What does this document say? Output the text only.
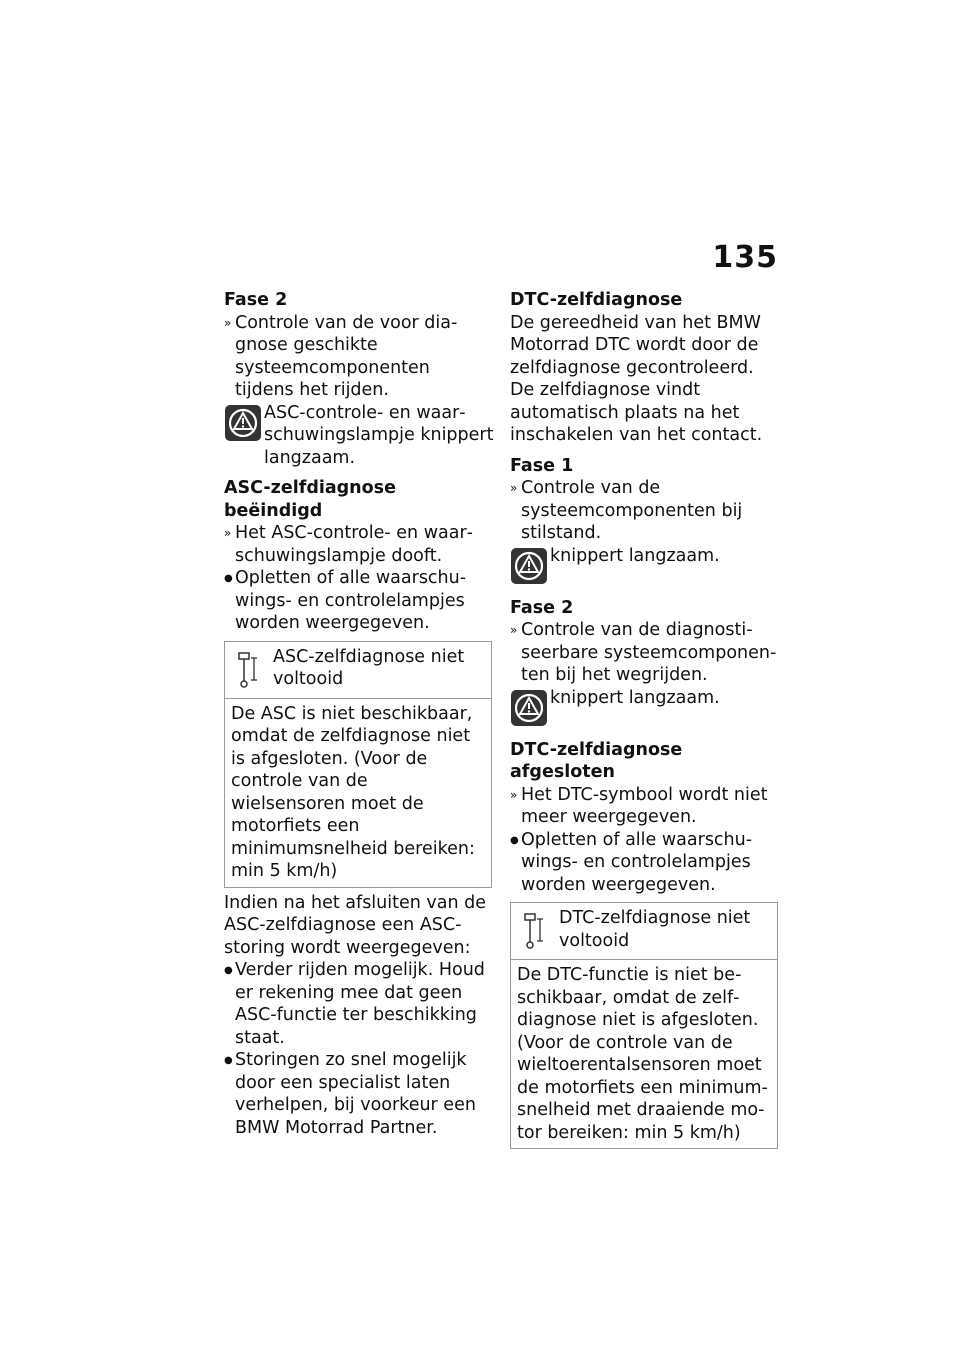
135

Fase 2

» Controle van de voor diagnose geschikte systeemcomponenten tijdens het rijden.

ASC-controle- en waarschuwingslampje knippert langzaam.

ASC-zelfdiagnose beëindigd

» Het ASC-controle- en waarschuwingslampje dooft.

● Opletten of alle waarschuwings- en controlelampjes worden weergegeven.

ASC-zelfdiagnose niet voltooid
De ASC is niet beschikbaar, omdat de zelfdiagnose niet is afgesloten. (Voor de controle van de wielsensoren moet de motorfiets een minimumsnelheid bereiken: min 5 km/h)

Indien na het afsluiten van de ASC-zelfdiagnose een ASC-storing wordt weergegeven:

● Verder rijden mogelijk. Houd er rekening mee dat geen ASC-functie ter beschikking staat.

● Storingen zo snel mogelijk door een specialist laten verhelpen, bij voorkeur een BMW Motorrad Partner.

DTC-zelfdiagnose

De gereedheid van het BMW Motorrad DTC wordt door de zelfdiagnose gecontroleerd. De zelfdiagnose vindt automatisch plaats na het inschakelen van het contact.

Fase 1

» Controle van de systeemcomponenten bij stilstand.

knippert langzaam.

Fase 2

» Controle van de diagnostiseerbare systeemcomponenten bij het wegrijden.

knippert langzaam.

DTC-zelfdiagnose afgesloten

» Het DTC-symbool wordt niet meer weergegeven.

● Opletten of alle waarschuwings- en controlelampjes worden weergegeven.

DTC-zelfdiagnose niet voltooid
De DTC-functie is niet beschikbaar, omdat de zelfdiagnose niet is afgesloten. (Voor de controle van de wieltoerentalsensoren moet de motorfiets een minimumsnelheid met draaiende motor bereiken: min 5 km/h)
